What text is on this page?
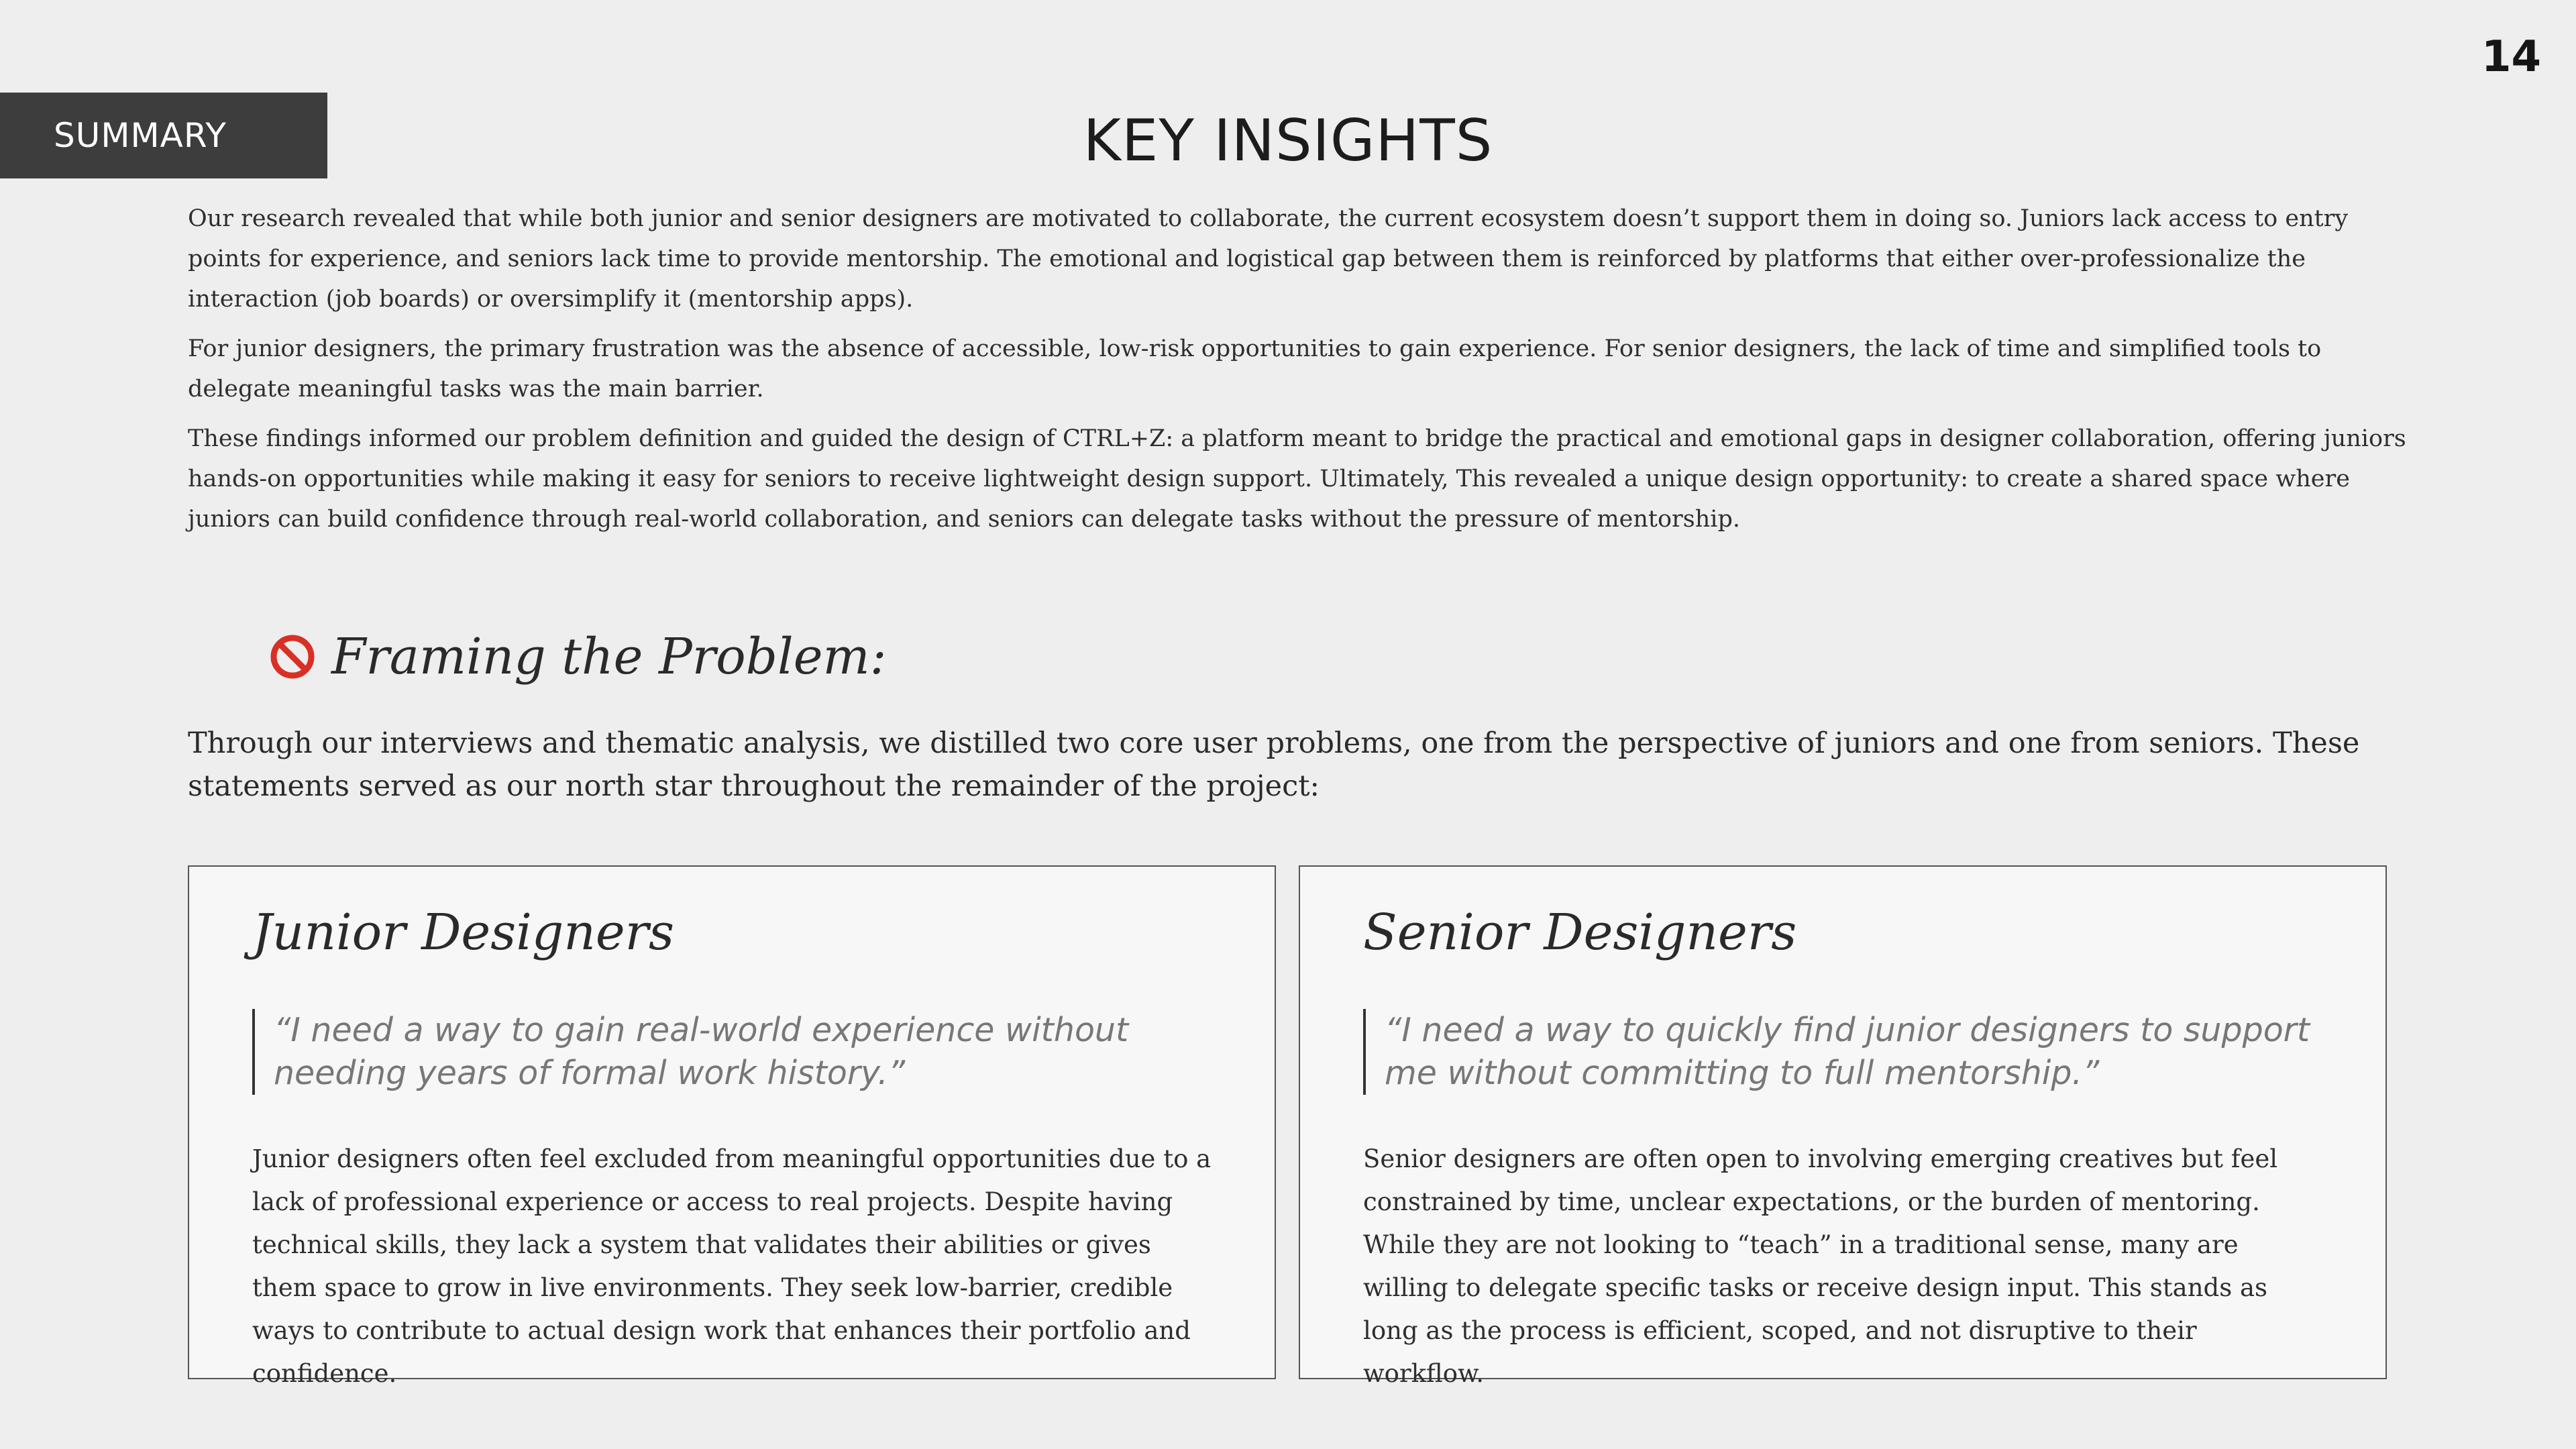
14
SUMMARY	KEY INSIGHTS

Our research revealed that while both junior and senior designers are motivated to collaborate, the current ecosystem doesn’t support them in doing so. Juniors lack access to entry points for experience, and seniors lack time to provide mentorship. The emotional and logistical gap between them is reinforced by platforms that either over-professionalize the interaction (job boards) or oversimplify it (mentorship apps).

For junior designers, the primary frustration was the absence of accessible, low-risk opportunities to gain experience. For senior designers, the lack of time and simplified tools to delegate meaningful tasks was the main barrier.

These findings informed our problem definition and guided the design of CTRL+Z: a platform meant to bridge the practical and emotional gaps in designer collaboration, offering juniors hands-on opportunities while making it easy for seniors to receive lightweight design support. Ultimately, This revealed a unique design opportunity: to create a shared space where juniors can build confidence through real-world collaboration, and seniors can delegate tasks without the pressure of mentorship.

Framing the Problem:

Through our interviews and thematic analysis, we distilled two core user problems, one from the perspective of juniors and one from seniors. These statements served as our north star throughout the remainder of the project:

Junior Designers
“I need a way to gain real-world experience without needing years of formal work history.”
Junior designers often feel excluded from meaningful opportunities due to a lack of professional experience or access to real projects. Despite having technical skills, they lack a system that validates their abilities or gives them space to grow in live environments. They seek low-barrier, credible ways to contribute to actual design work that enhances their portfolio and confidence.
Senior Designers
“I need a way to quickly find junior designers to support me without committing to full mentorship.”
Senior designers are often open to involving emerging creatives but feel constrained by time, unclear expectations, or the burden of mentoring. While they are not looking to “teach” in a traditional sense, many are willing to delegate specific tasks or receive design input. This stands as long as the process is efficient, scoped, and not disruptive to their workflow.
